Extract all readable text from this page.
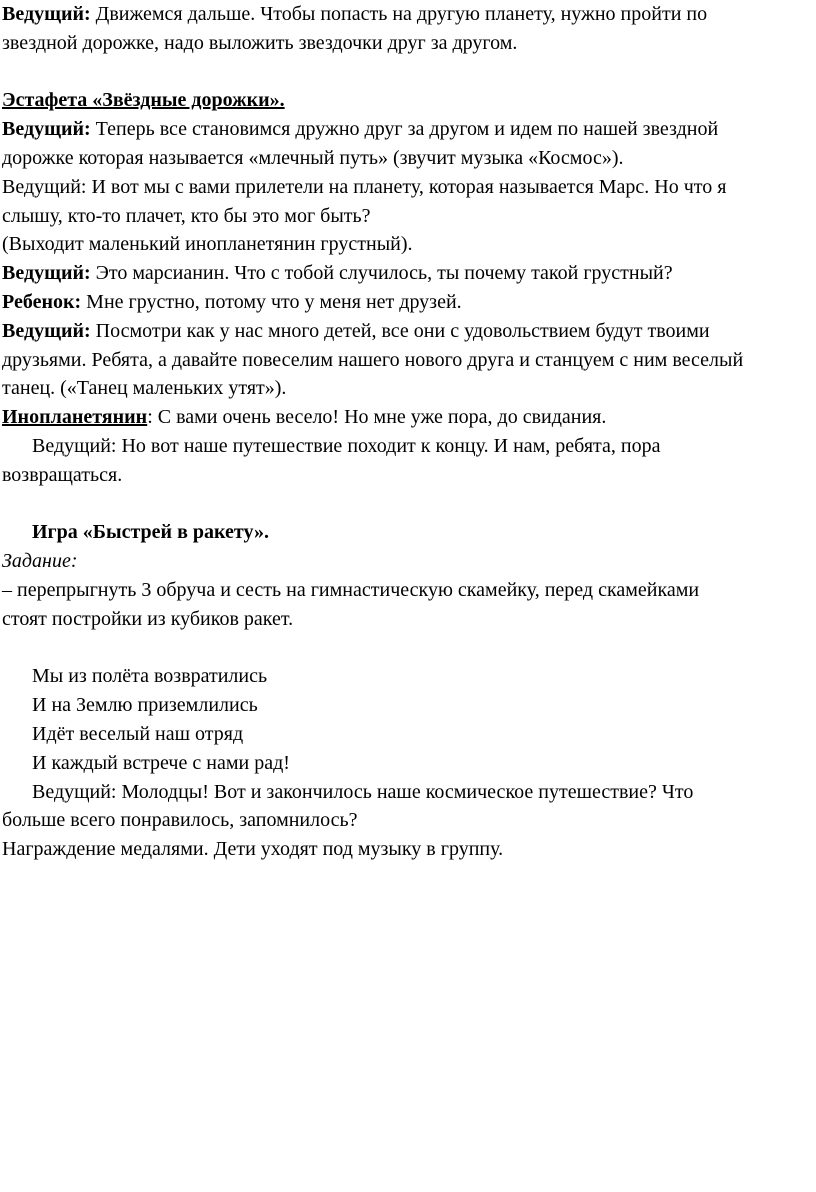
Ведущий: Движемся дальше. Чтобы попасть на другую планету, нужно пройти по
звездной дорожке, надо выложить звездочки друг за другом.

Эстафета «Звёздные дорожки».

Ведущий: Теперь все становимся дружно друг за другом и идем по нашей звездной
дорожке которая называется «млечный путь» (звучит музыка «Космос»).

Ведущий: И вот мы с вами прилетели на планету, которая называется Марс. Но что я
слышу, кто-то плачет, кто бы это мог быть?

(Выходит маленький инопланетянин грустный).

Ведущий: Это марсианин. Что с тобой случилось, ты почему такой грустный?

Ребенок: Мне грустно, потому что у меня нет друзей.

Ведущий: Посмотри как у нас много детей, все они с удовольствием будут твоими
друзьями. Ребята, а давайте повеселим нашего нового друга и станцуем с ним веселый
танец. («Танец маленьких утят»).

Инопланетянин: С вами очень весело! Но мне уже пора, до свидания.

Ведущий: Но вот наше путешествие походит к концу. И нам, ребята, пора
возвращаться.

Игра «Быстрей в ракету».

Задание:

– перепрыгнуть 3 обруча и сесть на гимнастическую скамейку, перед скамейками
стоят постройки из кубиков ракет.

Мы из полёта возвратились
И на Землю приземлились
Идёт веселый наш отряд
И каждый встрече с нами рад!

Ведущий: Молодцы! Вот и закончилось наше космическое путешествие? Что
больше всего понравилось, запомнилось?

Награждение медалями. Дети уходят под музыку в группу.
